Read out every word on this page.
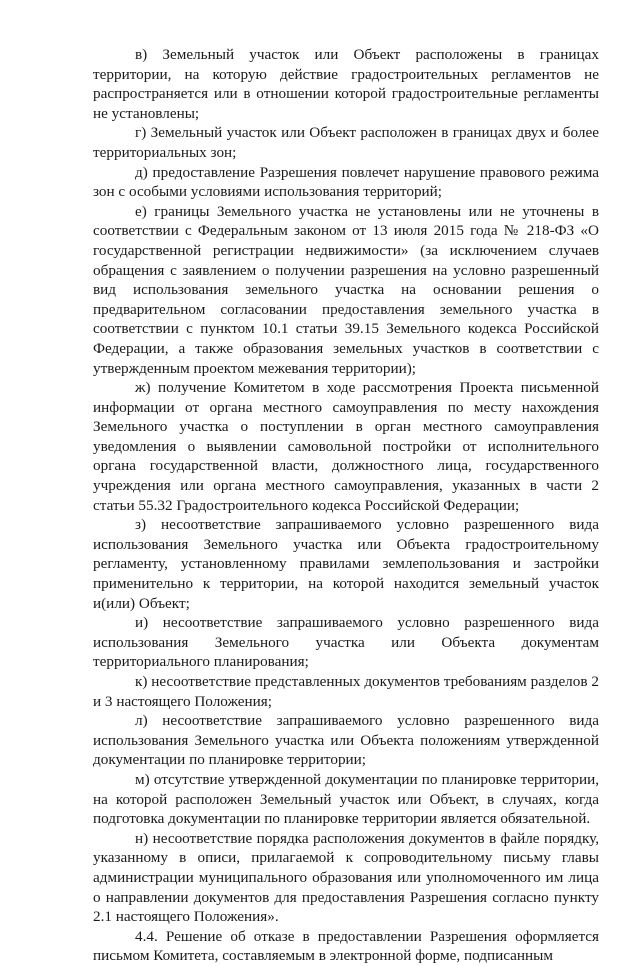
в) Земельный участок или Объект расположены в границах территории, на которую действие градостроительных регламентов не распространяется или в отношении которой градостроительные регламенты не установлены;

г) Земельный участок или Объект расположен в границах двух и более территориальных зон;

д) предоставление Разрешения повлечет нарушение правового режима зон с особыми условиями использования территорий;

е) границы Земельного участка не установлены или не уточнены в соответствии с Федеральным законом от 13 июля 2015 года № 218-ФЗ «О государственной регистрации недвижимости» (за исключением случаев обращения с заявлением о получении разрешения на условно разрешенный вид использования земельного участка на основании решения о предварительном согласовании предоставления земельного участка в соответствии с пунктом 10.1 статьи 39.15 Земельного кодекса Российской Федерации, а также образования земельных участков в соответствии с утвержденным проектом межевания территории);

ж) получение Комитетом в ходе рассмотрения Проекта письменной информации от органа местного самоуправления по месту нахождения Земельного участка о поступлении в орган местного самоуправления уведомления о выявлении самовольной постройки от исполнительного органа государственной власти, должностного лица, государственного учреждения или органа местного самоуправления, указанных в части 2 статьи 55.32 Градостроительного кодекса Российской Федерации;

з) несоответствие запрашиваемого условно разрешенного вида использования Земельного участка или Объекта градостроительному регламенту, установленному правилами землепользования и застройки применительно к территории, на которой находится земельный участок и(или) Объект;

и) несоответствие запрашиваемого условно разрешенного вида использования Земельного участка или Объекта документам территориального планирования;

к) несоответствие представленных документов требованиям разделов 2 и 3 настоящего Положения;

л) несоответствие запрашиваемого условно разрешенного вида использования Земельного участка или Объекта положениям утвержденной документации по планировке территории;

м) отсутствие утвержденной документации по планировке территории, на которой расположен Земельный участок или Объект, в случаях, когда подготовка документации по планировке территории является обязательной.

н) несоответствие порядка расположения документов в файле порядку, указанному в описи, прилагаемой к сопроводительному письму главы администрации муниципального образования или уполномоченного им лица о направлении документов для предоставления Разрешения согласно пункту 2.1 настоящего Положения».

4.4. Решение об отказе в предоставлении Разрешения оформляется письмом Комитета, составляемым в электронной форме, подписанным
